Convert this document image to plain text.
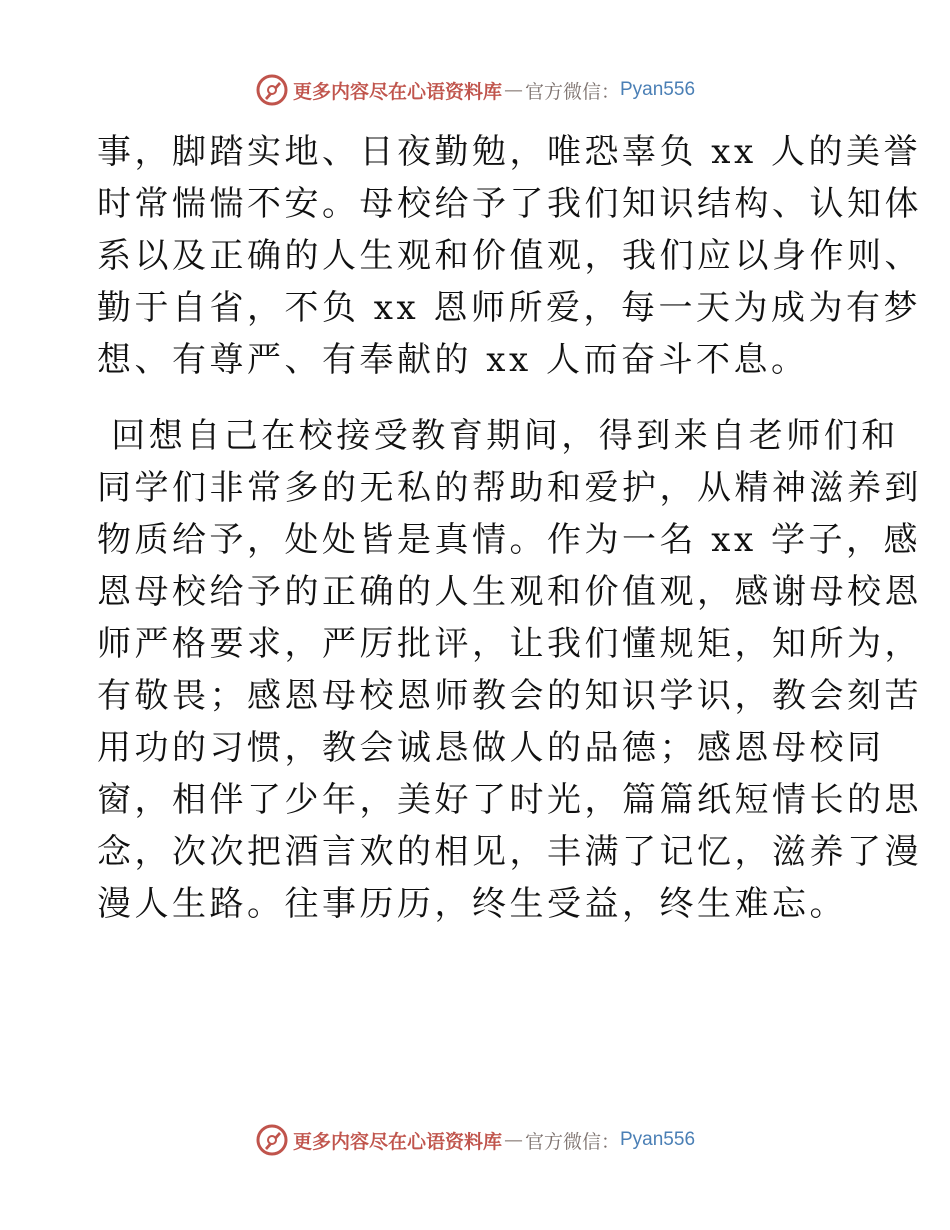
更多内容尽在心语资料库 — 官方微信： Pyan556

事，脚踏实地、日夜勤勉，唯恐辜负 xx 人的美誉
时常惴惴不安。母校给予了我们知识结构、认知体
系以及正确的人生观和价值观，我们应以身作则、
勤于自省，不负 xx 恩师所爱，每一天为成为有梦
想、有尊严、有奉献的 xx 人而奋斗不息。

回想自己在校接受教育期间，得到来自老师们和
同学们非常多的无私的帮助和爱护，从精神滋养到
物质给予，处处皆是真情。作为一名 xx 学子，感
恩母校给予的正确的人生观和价值观，感谢母校恩
师严格要求，严厉批评，让我们懂规矩，知所为，
有敬畏；感恩母校恩师教会的知识学识，教会刻苦
用功的习惯，教会诚恳做人的品德；感恩母校同
窗，相伴了少年，美好了时光，篇篇纸短情长的思
念，次次把酒言欢的相见，丰满了记忆，滋养了漫
漫人生路。往事历历，终生受益，终生难忘。

更多内容尽在心语资料库 — 官方微信： Pyan556
